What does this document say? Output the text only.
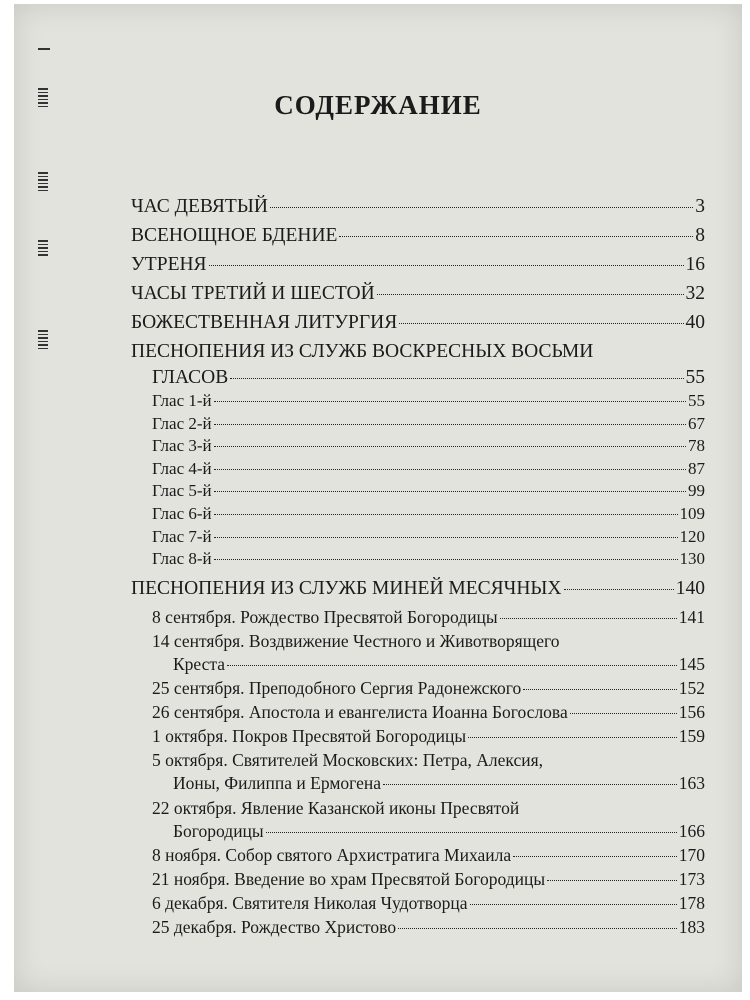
СОДЕРЖАНИЕ
ЧАС ДЕВЯТЫЙ	3
ВСЕНОЩНОЕ БДЕНИЕ	8
УТРЕНЯ	16
ЧАСЫ ТРЕТИЙ И ШЕСТОЙ	32
БОЖЕСТВЕННАЯ ЛИТУРГИЯ	40
ПЕСНОПЕНИЯ ИЗ СЛУЖБ ВОСКРЕСНЫХ ВОСЬМИ
ГЛАСОВ	55
Глас 1-й	55
Глас 2-й	67
Глас 3-й	78
Глас 4-й	87
Глас 5-й	99
Глас 6-й	109
Глас 7-й	120
Глас 8-й	130
ПЕСНОПЕНИЯ ИЗ СЛУЖБ МИНЕЙ МЕСЯЧНЫХ	140
8 сентября. Рождество Пресвятой Богородицы	141
14 сентября. Воздвижение Честного и Животворящего
Креста	145
25 сентября. Преподобного Сергия Радонежского	152
26 сентября. Апостола и евангелиста Иоанна Богослова	156
1 октября. Покров Пресвятой Богородицы	159
5 октября. Святителей Московских: Петра, Алексия,
Ионы, Филиппа и Ермогена	163
22 октября. Явление Казанской иконы Пресвятой
Богородицы	166
8 ноября. Собор святого Архистратига Михаила	170
21 ноября. Введение во храм Пресвятой Богородицы	173
6 декабря. Святителя Николая Чудотворца	178
25 декабря. Рождество Христово	183
